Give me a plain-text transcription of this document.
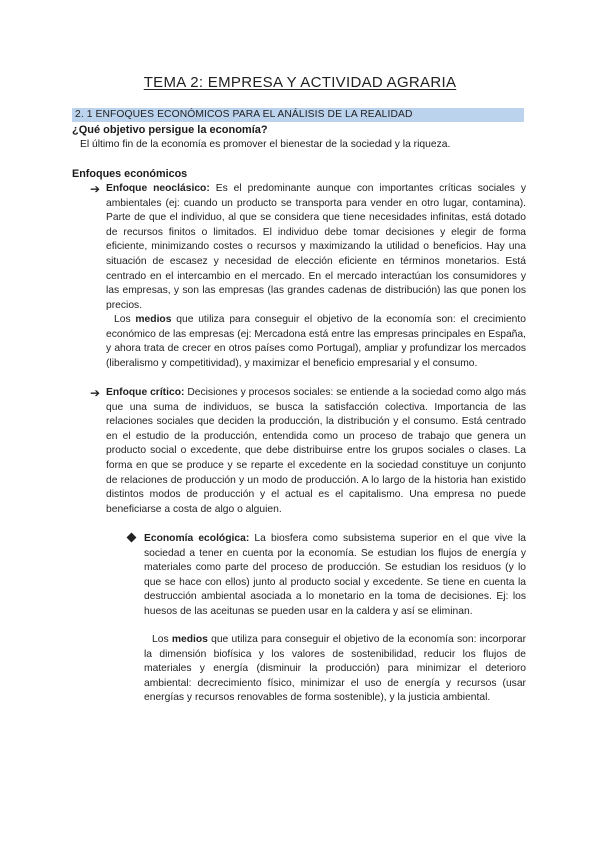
TEMA 2: EMPRESA Y ACTIVIDAD AGRARIA
2. 1 ENFOQUES ECONÓMICOS PARA EL ANÁLISIS DE LA REALIDAD
¿Qué objetivo persigue la economía?
El último fin de la economía es promover el bienestar de la sociedad y la riqueza.
Enfoques económicos
➔ Enfoque neoclásico: Es el predominante aunque con importantes críticas sociales y ambientales (ej: cuando un producto se transporta para vender en otro lugar, contamina). Parte de que el individuo, al que se considera que tiene necesidades infinitas, está dotado de recursos finitos o limitados. El individuo debe tomar decisiones y elegir de forma eficiente, minimizando costes o recursos y maximizando la utilidad o beneficios. Hay una situación de escasez y necesidad de elección eficiente en términos monetarios. Está centrado en el intercambio en el mercado. En el mercado interactúan los consumidores y las empresas, y son las empresas (las grandes cadenas de distribución) las que ponen los precios.
Los medios que utiliza para conseguir el objetivo de la economía son: el crecimiento económico de las empresas (ej: Mercadona está entre las empresas principales en España, y ahora trata de crecer en otros países como Portugal), ampliar y profundizar los mercados (liberalismo y competitividad), y maximizar el beneficio empresarial y el consumo.
➔ Enfoque crítico: Decisiones y procesos sociales: se entiende a la sociedad como algo más que una suma de individuos, se busca la satisfacción colectiva. Importancia de las relaciones sociales que deciden la producción, la distribución y el consumo. Está centrado en el estudio de la producción, entendida como un proceso de trabajo que genera un producto social o excedente, que debe distribuirse entre los grupos sociales o clases. La forma en que se produce y se reparte el excedente en la sociedad constituye un conjunto de relaciones de producción y un modo de producción. A lo largo de la historia han existido distintos modos de producción y el actual es el capitalismo. Una empresa no puede beneficiarse a costa de algo o alguien.
Economía ecológica: La biosfera como subsistema superior en el que vive la sociedad a tener en cuenta por la economía. Se estudian los flujos de energía y materiales como parte del proceso de producción. Se estudian los residuos (y lo que se hace con ellos) junto al producto social y excedente. Se tiene en cuenta la destrucción ambiental asociada a lo monetario en la toma de decisiones. Ej: los huesos de las aceitunas se pueden usar en la caldera y así se eliminan.
Los medios que utiliza para conseguir el objetivo de la economía son: incorporar la dimensión biofísica y los valores de sostenibilidad, reducir los flujos de materiales y energía (disminuir la producción) para minimizar el deterioro ambiental: decrecimiento físico, minimizar el uso de energía y recursos (usar energías y recursos renovables de forma sostenible), y la justicia ambiental.
